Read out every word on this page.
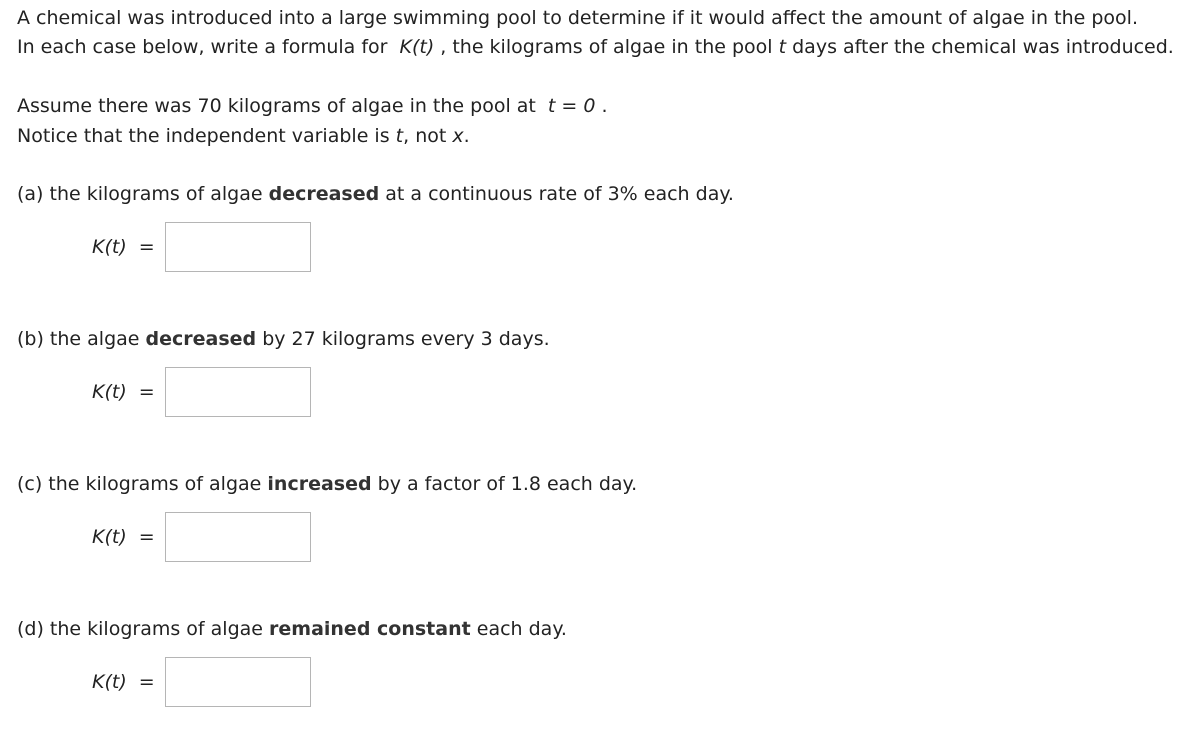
A chemical was introduced into a large swimming pool to determine if it would affect the amount of algae in the pool.
In each case below, write a formula for K(t) , the kilograms of algae in the pool t days after the chemical was introduced.
Assume there was 70 kilograms of algae in the pool at t = 0 .
Notice that the independent variable is t, not x.
(a) the kilograms of algae decreased at a continuous rate of 3% each day.
K(t) =
(b) the algae decreased by 27 kilograms every 3 days.
K(t) =
(c) the kilograms of algae increased by a factor of 1.8 each day.
K(t) =
(d) the kilograms of algae remained constant each day.
K(t) =
